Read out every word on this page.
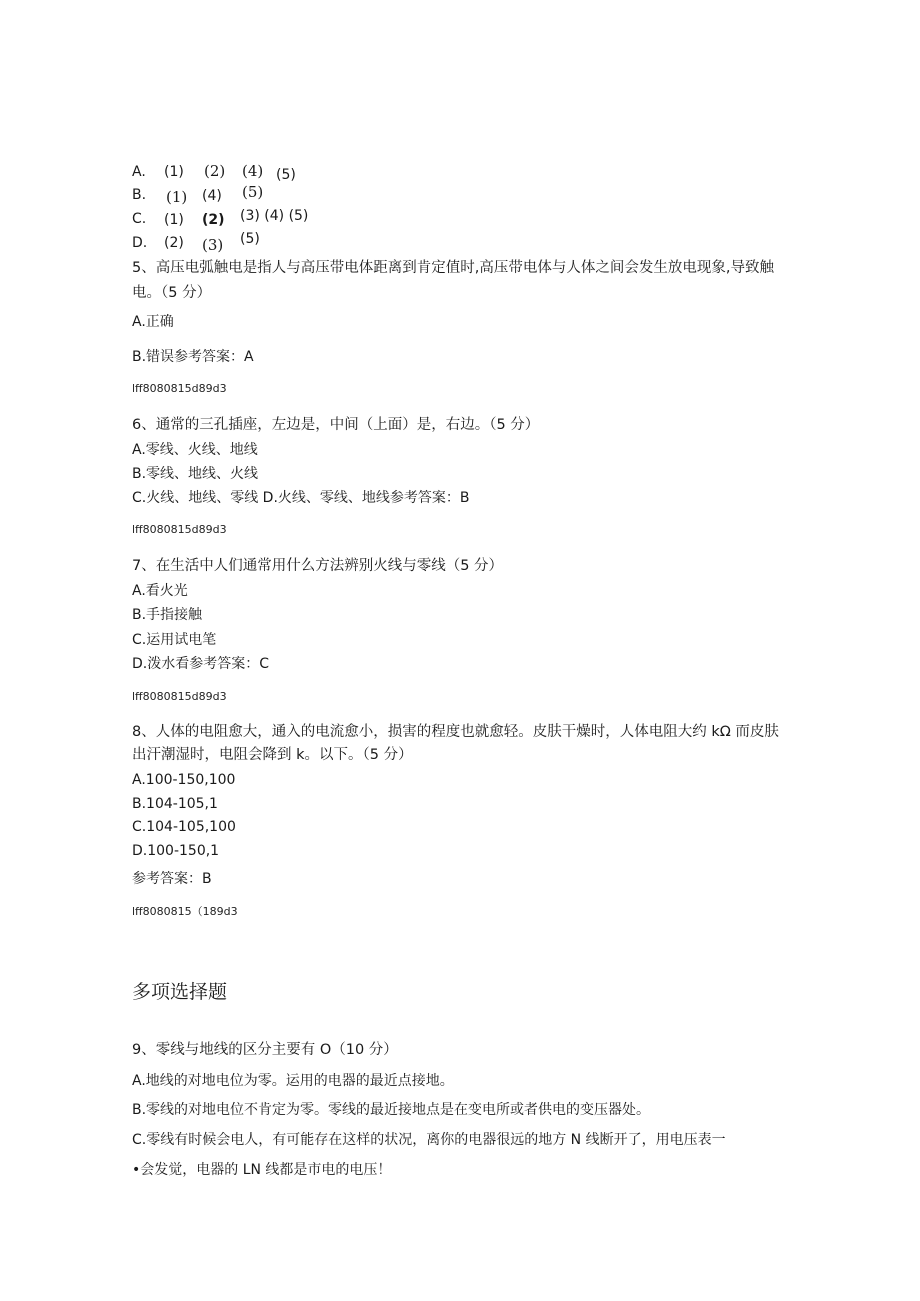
A. (1) (2) (4) (5)
B. (1) (4) (5)
C. (1) (2) (3) (4) (5)
D. (2) (3) (5)
5、高压电弧触电是指人与高压带电体距离到肯定值时,高压带电体与人体之间会发生放电现象,导致触
电。（5 分）
A.正确
B.错误参考答案：A
lff8080815d89d3
6、通常的三孔插座，左边是，中间（上面）是，右边。（5 分）
A.零线、火线、地线
B.零线、地线、火线
C.火线、地线、零线 D.火线、零线、地线参考答案：B
lff8080815d89d3
7、在生活中人们通常用什么方法辨别火线与零线（5 分）
A.看火光
B.手指接触
C.运用试电笔
D.泼水看参考答案：C
lff8080815d89d3
8、人体的电阻愈大，通入的电流愈小，损害的程度也就愈轻。皮肤干燥时，人体电阻大约 kΩ 而皮肤
出汗潮湿时，电阻会降到 k。以下。（5 分）
A.100-150,100
B.104-105,1
C.104-105,100
D.100-150,1
参考答案：B
lff8080815（189d3
多项选择题
9、零线与地线的区分主要有 O（10 分）
A.地线的对地电位为零。运用的电器的最近点接地。
B.零线的对地电位不肯定为零。零线的最近接地点是在变电所或者供电的变压器处。
C.零线有时候会电人，有可能存在这样的状况，离你的电器很远的地方 N 线断开了，用电压表一
•会发觉，电器的 LN 线都是市电的电压！
